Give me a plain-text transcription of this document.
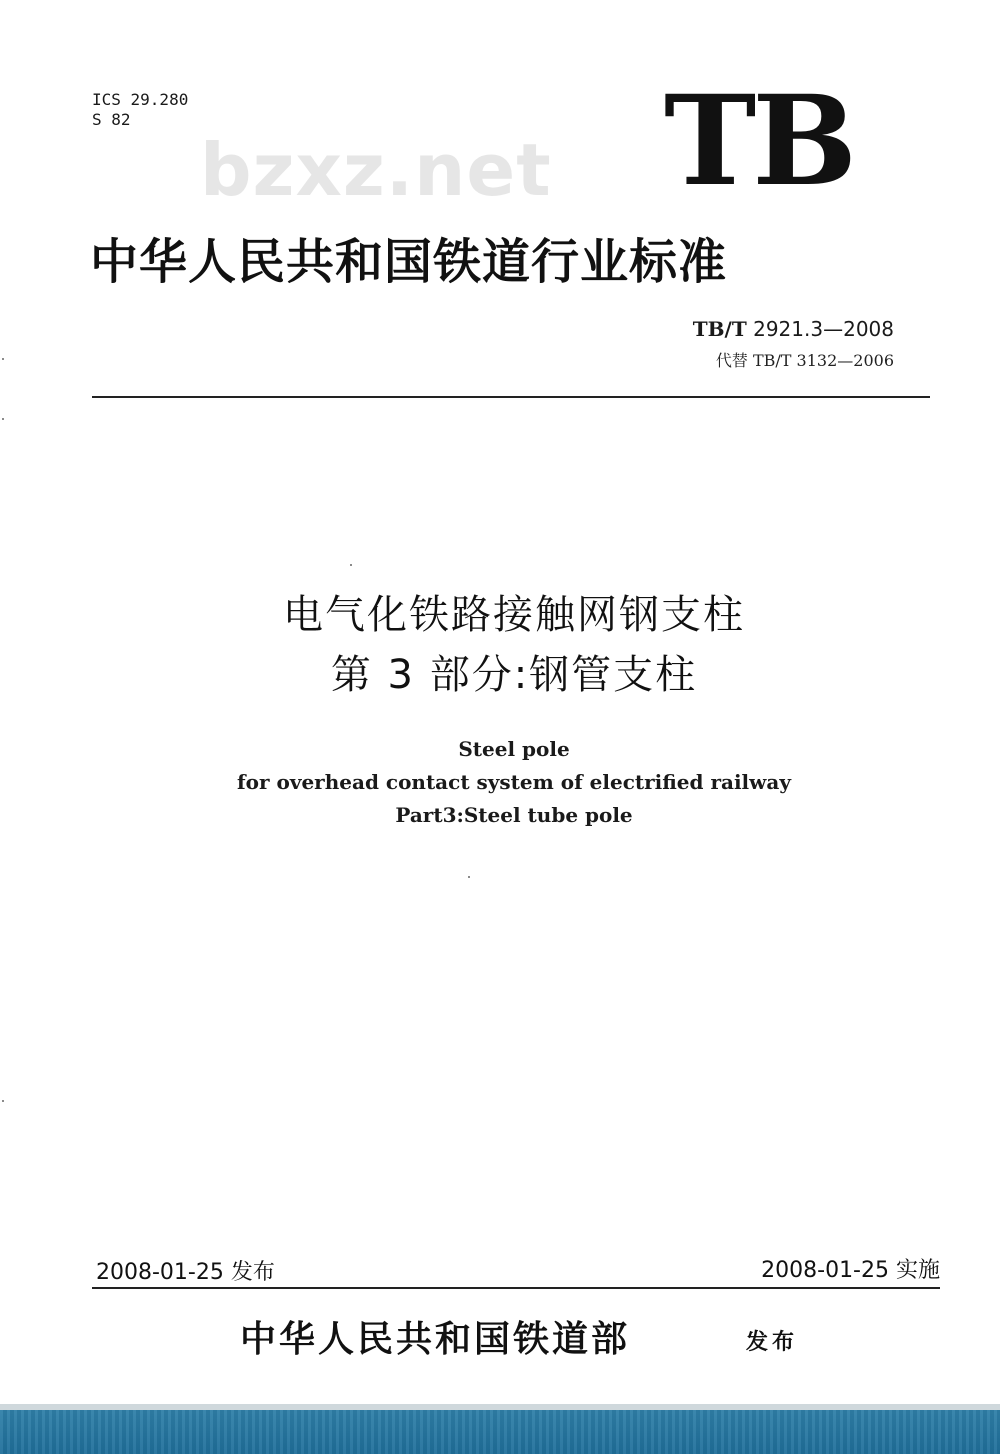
ICS 29.280
S 82
bzxz.net TB
中华人民共和国铁道行业标准
TB/T 2921.3—2008
代替 TB/T 3132—2006
电气化铁路接触网钢支柱
第 3 部分:钢管支柱
Steel pole
for overhead contact system of electrified railway
Part3:Steel tube pole
2008-01-25 发布	2008-01-25 实施
中华人民共和国铁道部	发布
